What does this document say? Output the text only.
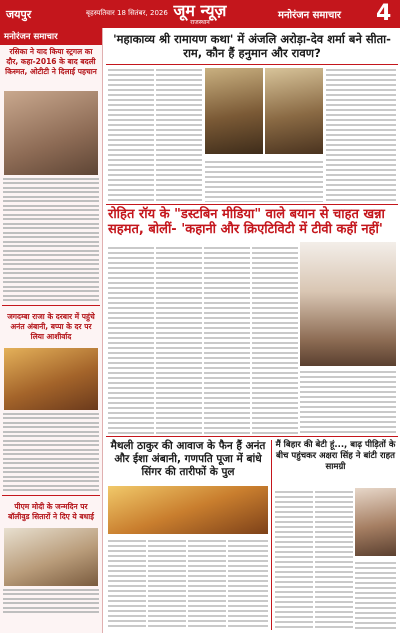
जयपुर	बृहस्पतिवार 18 सितंबर, 2026 जूम न्यूज़
राजस्थान
मनोरंजन समाचार 4
मनोरंजन समाचार
रसिका ने याद किया स्ट्रगल का दौर, कहा-2016 के बाद बदली किस्मत, ओटीटी ने दिलाई पहचान
जगदम्बा राजा के दरबार में पहुंचे अनंत अंबानी, बप्पा के दर पर लिया आशीर्वाद
पीएम मोदी के जन्मदिन पर बॉलीवुड सितारों ने दिए ये बधाई
'महाकाव्य श्री रामायण कथा' में अंजलि अरोड़ा-देव शर्मा बने सीता-राम, कौन हैं हनुमान और रावण?
रोहित रॉय के "डस्टबिन मीडिया" वाले बयान से चाहत खन्ना सहमत, बोलीं- 'कहानी और क्रिएटिविटी में टीवी कहीं नहीं'
मैथली ठाकुर की आवाज के फैन हैं अनंत और ईशा अंबानी, गणपति पूजा में बांधे सिंगर की तारीफों के पुल
मैं बिहार की बेटी हूं..., बाढ़ पीड़ितों के बीच पहुंचकर अक्षरा सिंह ने बांटी राहत सामग्री
